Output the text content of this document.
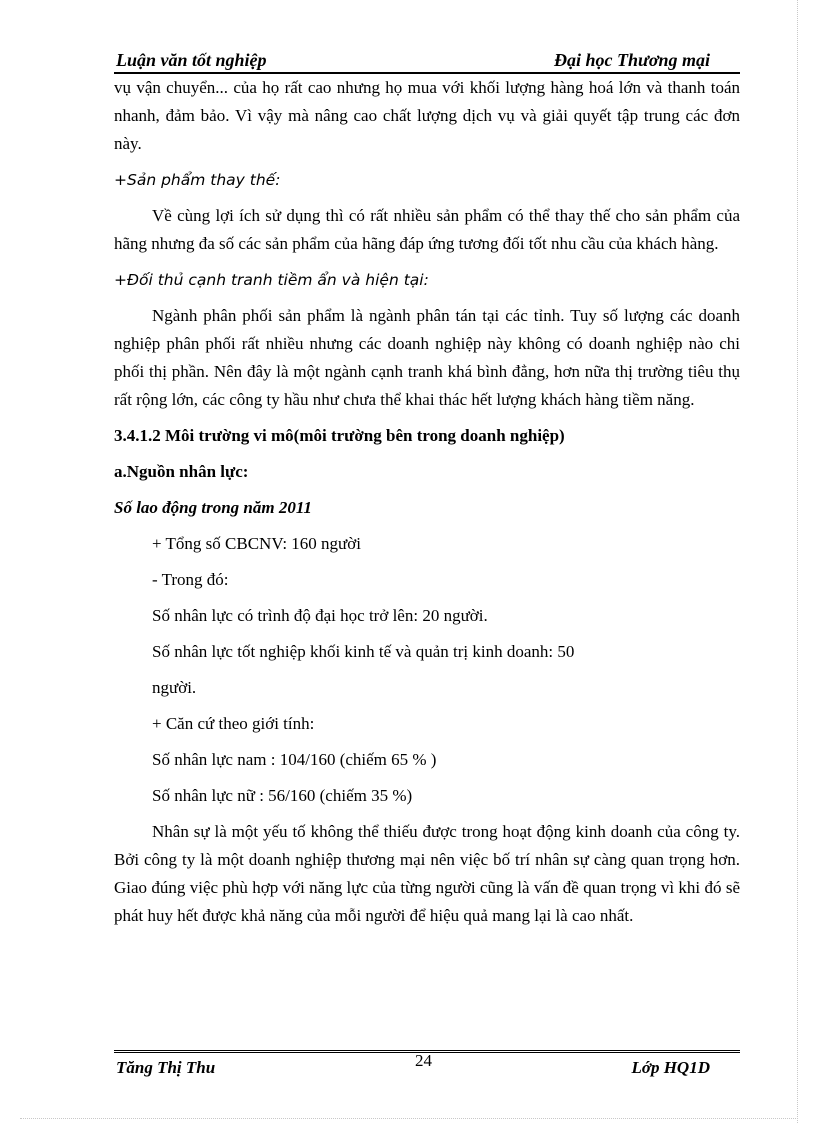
Luận văn tốt nghiệp	Đại học Thương mại

vụ vận chuyển... của họ rất cao nhưng họ mua với khối lượng hàng hoá lớn và thanh toán nhanh, đảm bảo. Vì vậy mà nâng cao chất lượng dịch vụ và giải quyết tập trung các đơn này.

+Sản phẩm thay thế:

Về cùng lợi ích sử dụng thì có rất nhiều sản phẩm có thể thay thế cho sản phẩm của hãng nhưng đa số các sản phẩm của hãng đáp ứng tương đối tốt nhu cầu của khách hàng.

+Đối thủ cạnh tranh tiềm ẩn và hiện tại:

Ngành phân phối sản phẩm là ngành phân tán tại các tỉnh. Tuy số lượng các doanh nghiệp phân phối rất nhiều nhưng các doanh nghiệp này không có doanh nghiệp nào chi phối thị phần. Nên đây là một ngành cạnh tranh khá bình đẳng, hơn nữa thị trường tiêu thụ rất rộng lớn, các công ty hầu như chưa thể khai thác hết lượng khách hàng tiềm năng.

3.4.1.2 Môi trường vi mô(môi trường bên trong doanh nghiệp)

a.Nguồn nhân lực:

Số lao động trong năm 2011

+ Tổng số CBCNV: 160 người

- Trong đó:

Số nhân lực có trình độ đại học trở lên: 20 người.

Số nhân lực tốt nghiệp khối kinh tế và quản trị kinh doanh: 50

người.

+ Căn cứ theo giới tính:

Số nhân lực nam : 104/160 (chiếm 65 % )

Số nhân lực nữ : 56/160 (chiếm 35 %)

Nhân sự là một yếu tố không thể thiếu được trong hoạt động kinh doanh của công ty. Bởi công ty là một doanh nghiệp thương mại nên việc bố trí nhân sự càng quan trọng hơn. Giao đúng việc phù hợp với năng lực của từng người cũng là vấn đề quan trọng vì khi đó sẽ phát huy hết được khả năng của mỗi người để hiệu quả mang lại là cao nhất.

Tăng Thị Thu	24	Lớp HQ1D
